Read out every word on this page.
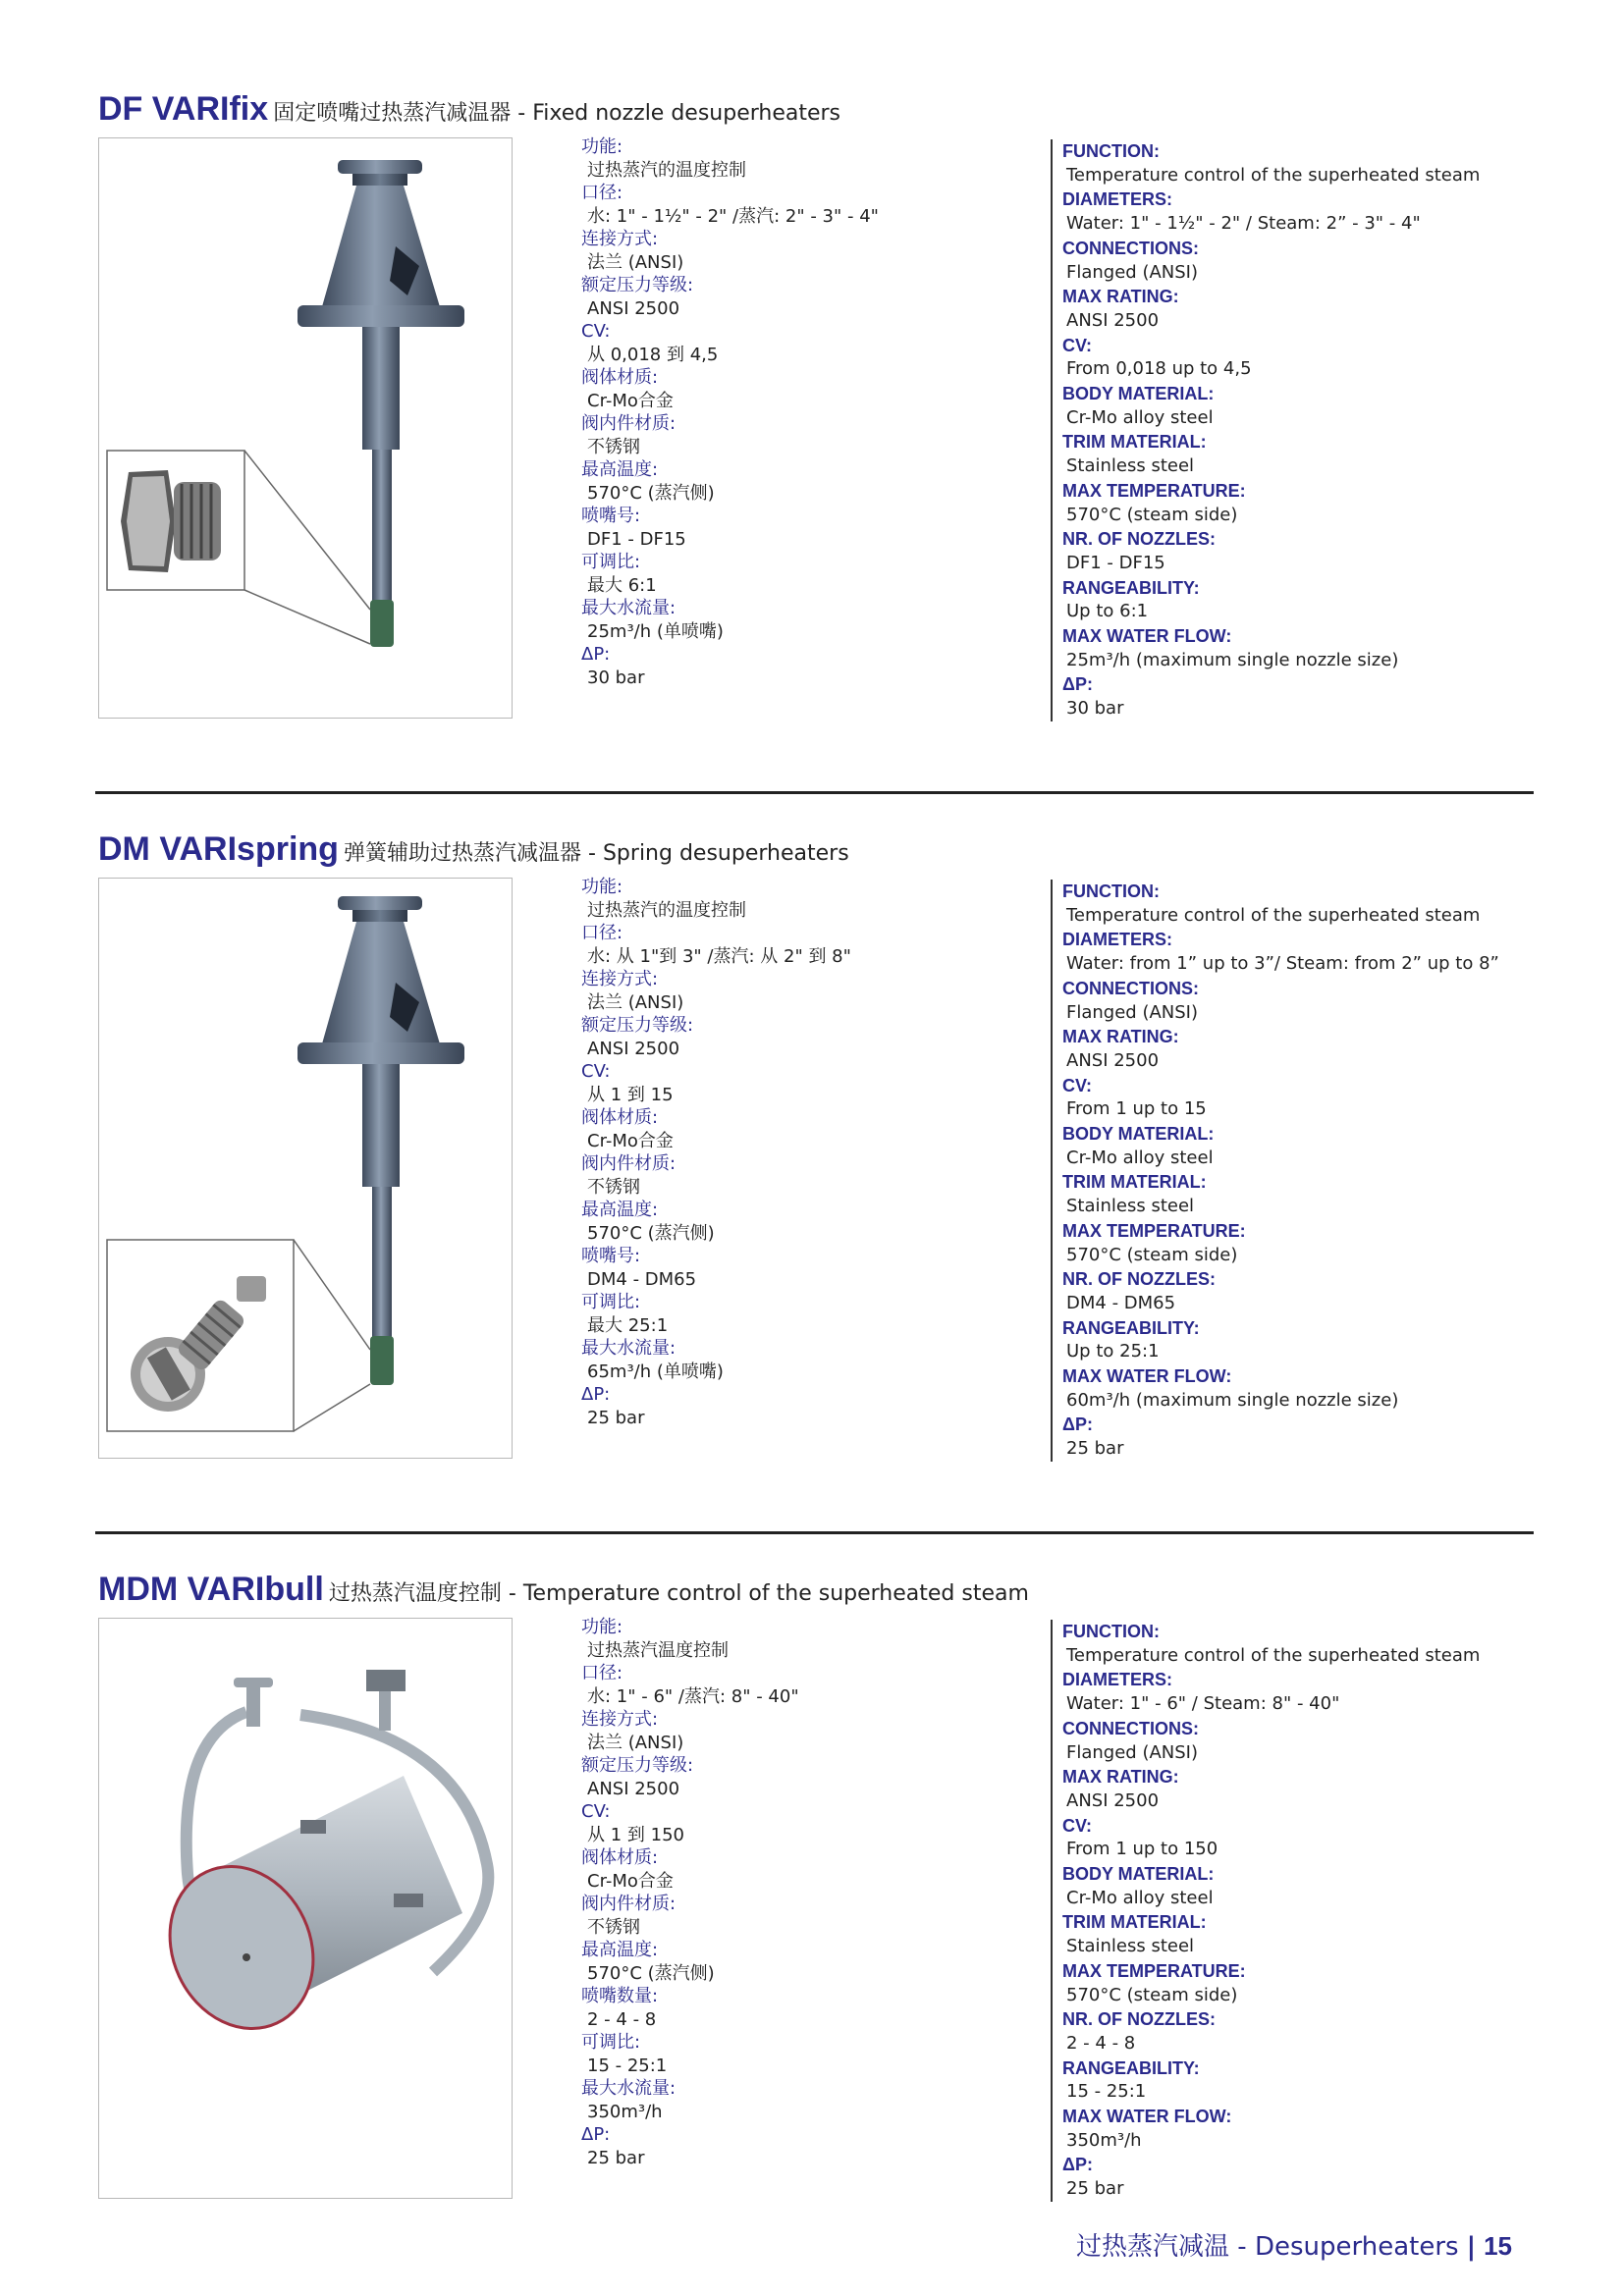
DF VARIfix 固定喷嘴过热蒸汽减温器 - Fixed nozzle desuperheaters
功能:
过热蒸汽的温度控制
口径:
水: 1" - 1½" - 2" /蒸汽: 2" - 3" - 4"
连接方式:
法兰 (ANSI)
额定压力等级:
ANSI 2500
CV:
从 0,018 到 4,5
阀体材质:
Cr-Mo合金
阀内件材质:
不锈钢
最高温度:
570°C (蒸汽侧)
喷嘴号:
DF1 - DF15
可调比:
最大 6:1
最大水流量:
25m³/h (单喷嘴)
ΔP:
30 bar
FUNCTION:
Temperature control of the superheated steam
DIAMETERS:
Water: 1" - 1½" - 2" / Steam: 2” - 3" - 4"
CONNECTIONS:
Flanged (ANSI)
MAX RATING:
ANSI 2500
CV:
From 0,018 up to 4,5
BODY MATERIAL:
Cr-Mo alloy steel
TRIM MATERIAL:
Stainless steel
MAX TEMPERATURE:
570°C (steam side)
NR. OF NOZZLES:
DF1 - DF15
RANGEABILITY:
Up to 6:1
MAX WATER FLOW:
25m³/h (maximum single nozzle size)
ΔP:
30 bar
DM VARIspring 弹簧辅助过热蒸汽减温器 - Spring desuperheaters
功能:
过热蒸汽的温度控制
口径:
水: 从 1"到 3" /蒸汽: 从 2" 到 8"
连接方式:
法兰 (ANSI)
额定压力等级:
ANSI 2500
CV:
从 1 到 15
阀体材质:
Cr-Mo合金
阀内件材质:
不锈钢
最高温度:
570°C (蒸汽侧)
喷嘴号:
DM4 - DM65
可调比:
最大 25:1
最大水流量:
65m³/h (单喷嘴)
ΔP:
25 bar
FUNCTION:
Temperature control of the superheated steam
DIAMETERS:
Water: from 1” up to 3”/ Steam: from 2” up to 8”
CONNECTIONS:
Flanged (ANSI)
MAX RATING:
ANSI 2500
CV:
From 1 up to 15
BODY MATERIAL:
Cr-Mo alloy steel
TRIM MATERIAL:
Stainless steel
MAX TEMPERATURE:
570°C (steam side)
NR. OF NOZZLES:
DM4 - DM65
RANGEABILITY:
Up to 25:1
MAX WATER FLOW:
60m³/h (maximum single nozzle size)
ΔP:
25 bar
MDM VARIbull 过热蒸汽温度控制 - Temperature control of the superheated steam
功能:
过热蒸汽温度控制
口径:
水: 1" - 6" /蒸汽: 8" - 40"
连接方式:
法兰 (ANSI)
额定压力等级:
ANSI 2500
CV:
从 1 到 150
阀体材质:
Cr-Mo合金
阀内件材质:
不锈钢
最高温度:
570°C (蒸汽侧)
喷嘴数量:
2 - 4 - 8
可调比:
15 - 25:1
最大水流量:
350m³/h
ΔP:
25 bar
FUNCTION:
Temperature control of the superheated steam
DIAMETERS:
Water: 1" - 6" / Steam: 8" - 40"
CONNECTIONS:
Flanged (ANSI)
MAX RATING:
ANSI 2500
CV:
From 1 up to 150
BODY MATERIAL:
Cr-Mo alloy steel
TRIM MATERIAL:
Stainless steel
MAX TEMPERATURE:
570°C (steam side)
NR. OF NOZZLES:
2 - 4 - 8
RANGEABILITY:
15 - 25:1
MAX WATER FLOW:
350m³/h
ΔP:
25 bar
过热蒸汽减温 - Desuperheaters | 15
